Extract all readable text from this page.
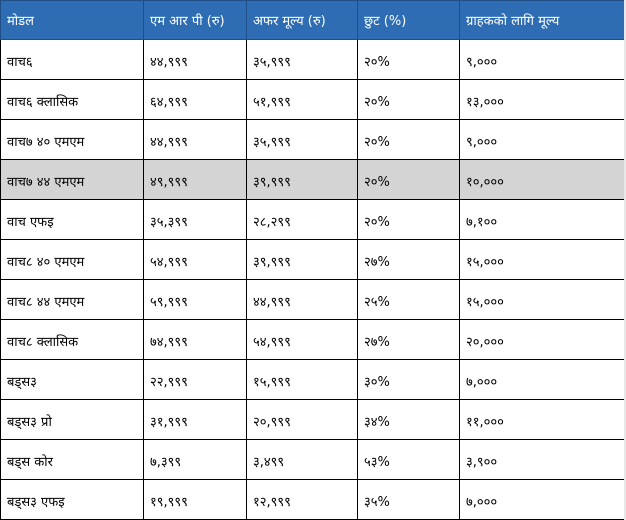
मोडल	एम आर पी (रु)	अफर मूल्य (रु)	छुट (%)	ग्राहकको लागि मूल्य
वाच६	४४,९९९	३५,९९९	२०%	९,०००
वाच६ क्लासिक	६४,९९९	५१,९९९	२०%	१३,०००
वाच७ ४० एमएम	४४,९९९	३५,९९९	२०%	९,०००
वाच७ ४४ एमएम	४९,९९९	३९,९९९	२०%	१०,०००
वाच एफइ	३५,३९९	२८,२९९	२०%	७,१००
वाच८ ४० एमएम	५४,९९९	३९,९९९	२७%	१५,०००
वाच८ ४४ एमएम	५९,९९९	४४,९९९	२५%	१५,०००
वाच८ क्लासिक	७४,९९९	५४,९९९	२७%	२०,०००
बड्स३	२२,९९९	१५,९९९	३०%	७,०००
बड्स३ प्रो	३१,९९९	२०,९९९	३४%	११,०००
बड्स कोर	७,३९९	३,४९९	५३%	३,९००
बड्स३ एफइ	१९,९९९	१२,९९९	३५%	७,०००
